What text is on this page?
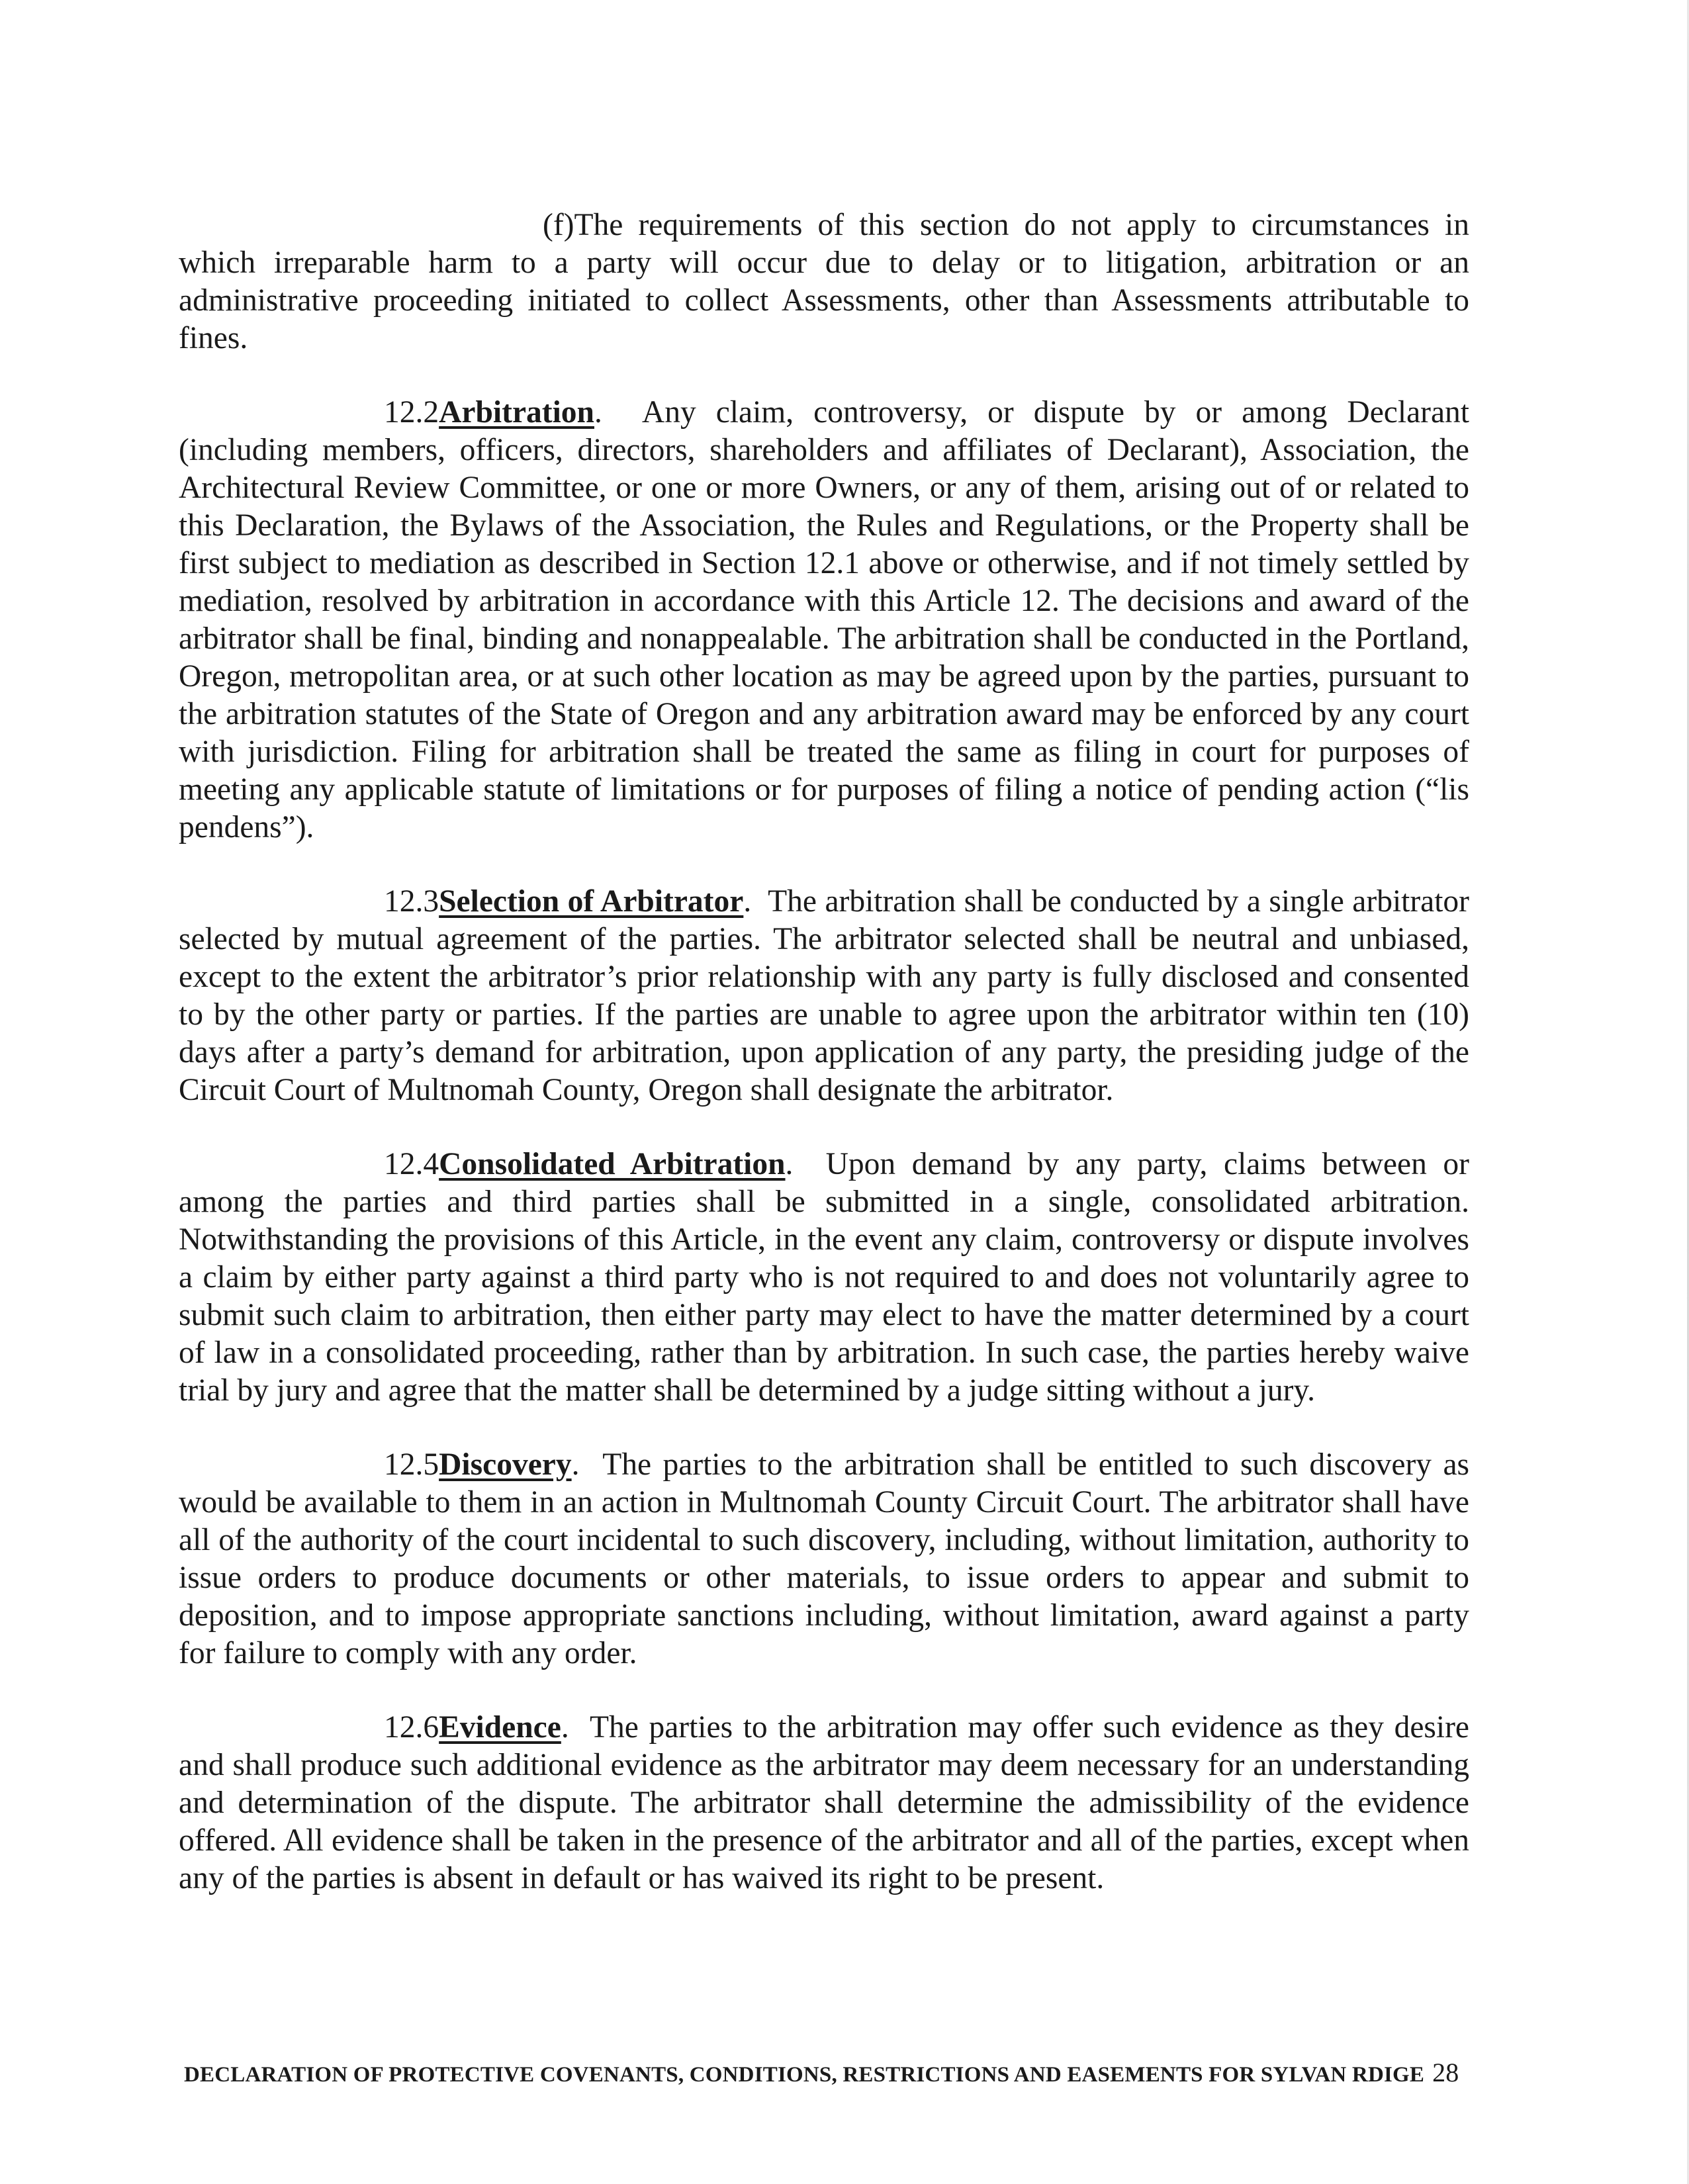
(f)The requirements of this section do not apply to circumstances in which irreparable harm to a party will occur due to delay or to litigation, arbitration or an administrative proceeding initiated to collect Assessments, other than Assessments attributable to fines.

12.2Arbitration. Any claim, controversy, or dispute by or among Declarant (including members, officers, directors, shareholders and affiliates of Declarant), Association, the Architectural Review Committee, or one or more Owners, or any of them, arising out of or related to this Declaration, the Bylaws of the Association, the Rules and Regulations, or the Property shall be first subject to mediation as described in Section 12.1 above or otherwise, and if not timely settled by mediation, resolved by arbitration in accordance with this Article 12. The decisions and award of the arbitrator shall be final, binding and nonappealable. The arbitration shall be conducted in the Portland, Oregon, metropolitan area, or at such other location as may be agreed upon by the parties, pursuant to the arbitration statutes of the State of Oregon and any arbitration award may be enforced by any court with jurisdiction. Filing for arbitration shall be treated the same as filing in court for purposes of meeting any applicable statute of limitations or for purposes of filing a notice of pending action (“lis pendens”).

12.3Selection of Arbitrator. The arbitration shall be conducted by a single arbitrator selected by mutual agreement of the parties. The arbitrator selected shall be neutral and unbiased, except to the extent the arbitrator’s prior relationship with any party is fully disclosed and consented to by the other party or parties. If the parties are unable to agree upon the arbitrator within ten (10) days after a party’s demand for arbitration, upon application of any party, the presiding judge of the Circuit Court of Multnomah County, Oregon shall designate the arbitrator.

12.4Consolidated Arbitration. Upon demand by any party, claims between or among the parties and third parties shall be submitted in a single, consolidated arbitration. Notwithstanding the provisions of this Article, in the event any claim, controversy or dispute involves a claim by either party against a third party who is not required to and does not voluntarily agree to submit such claim to arbitration, then either party may elect to have the matter determined by a court of law in a consolidated proceeding, rather than by arbitration. In such case, the parties hereby waive trial by jury and agree that the matter shall be determined by a judge sitting without a jury.

12.5Discovery. The parties to the arbitration shall be entitled to such discovery as would be available to them in an action in Multnomah County Circuit Court. The arbitrator shall have all of the authority of the court incidental to such discovery, including, without limitation, authority to issue orders to produce documents or other materials, to issue orders to appear and submit to deposition, and to impose appropriate sanctions including, without limitation, award against a party for failure to comply with any order.

12.6Evidence. The parties to the arbitration may offer such evidence as they desire and shall produce such additional evidence as the arbitrator may deem necessary for an understanding and determination of the dispute. The arbitrator shall determine the admissibility of the evidence offered. All evidence shall be taken in the presence of the arbitrator and all of the parties, except when any of the parties is absent in default or has waived its right to be present.

DECLARATION OF PROTECTIVE COVENANTS, CONDITIONS, RESTRICTIONS AND EASEMENTS FOR SYLVAN RDIGE 28
